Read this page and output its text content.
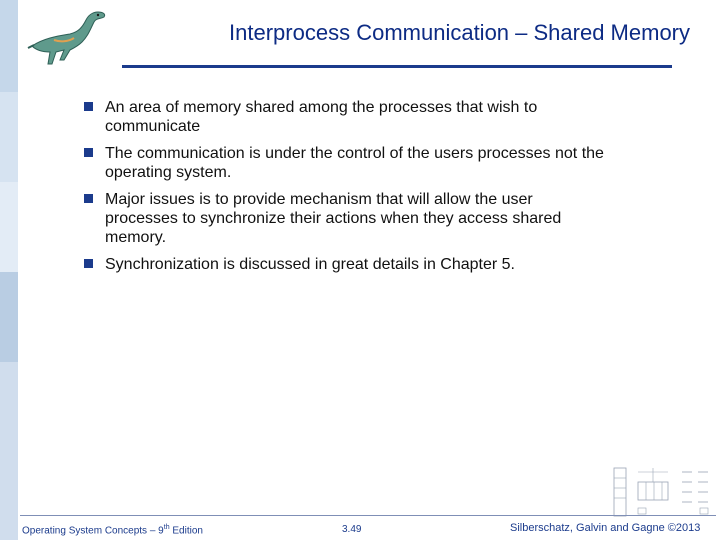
Interprocess Communication – Shared Memory
An area of memory shared among the processes that wish to communicate
The communication is under the control of the users processes not the operating system.
Major issues is to provide mechanism that will allow the user processes to synchronize their actions when they access shared memory.
Synchronization is discussed in great details in Chapter 5.
Operating System Concepts – 9th Edition	3.49	Silberschatz, Galvin and Gagne ©2013
